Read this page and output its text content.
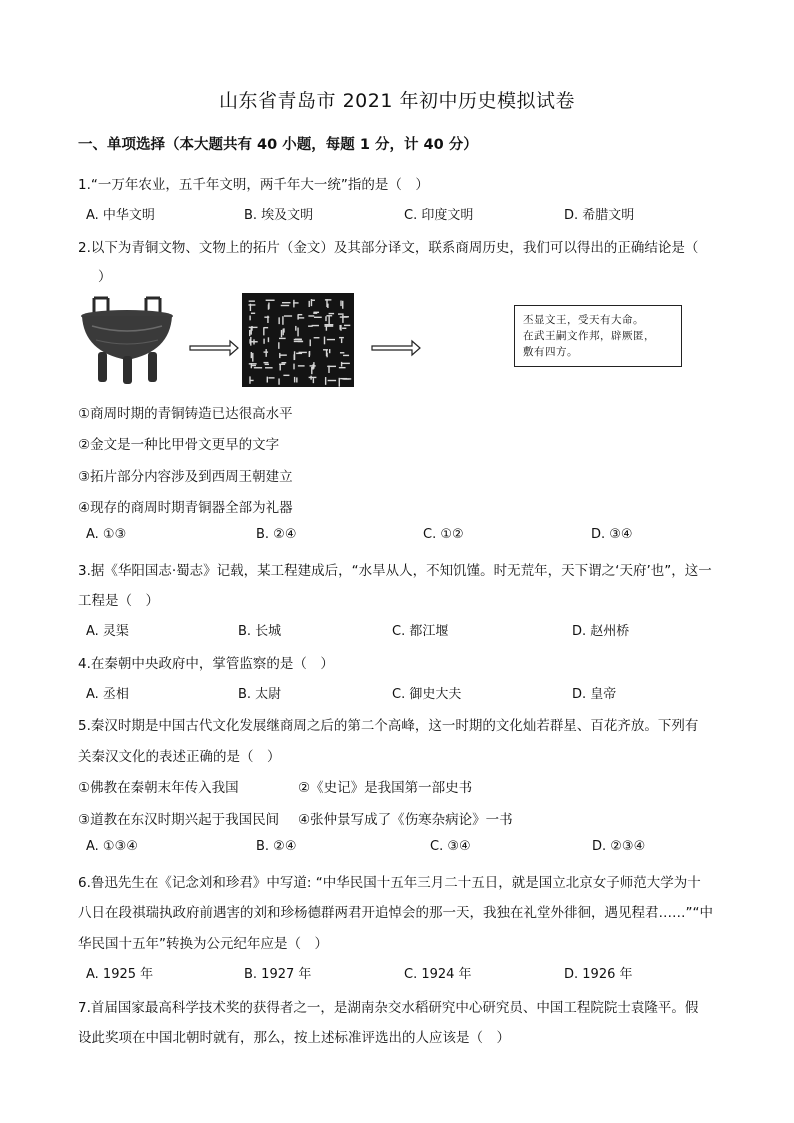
山东省青岛市 2021 年初中历史模拟试卷
一、单项选择（本大题共有 40 小题，每题 1 分，计 40 分）
1.“一万年农业，五千年文明，两千年大一统”指的是（　）
A. 中华文明	B. 埃及文明	C. 印度文明	D. 希腊文明
2.以下为青铜文物、文物上的拓片（金文）及其部分译文，联系商周历史，我们可以得出的正确结论是（
）
丕显文王，受天有大命。
在武王嗣文作邦，辟厥匿，
敷有四方。
①商周时期的青铜铸造已达很高水平
②金文是一种比甲骨文更早的文字
③拓片部分内容涉及到西周王朝建立
④现存的商周时期青铜器全部为礼器
A. ①③	B. ②④	C. ①②	D. ③④
3.据《华阳国志·蜀志》记载，某工程建成后，“水旱从人，不知饥馑。时无荒年，天下谓之‘天府’也”，这一
工程是（　）
A. 灵渠	B. 长城	C. 都江堰	D. 赵州桥
4.在秦朝中央政府中，掌管监察的是（　）
A. 丞相	B. 太尉	C. 御史大夫	D. 皇帝
5.秦汉时期是中国古代文化发展继商周之后的第二个高峰，这一时期的文化灿若群星、百花齐放。下列有
关秦汉文化的表述正确的是（　）
①佛教在秦朝末年传入我国	②《史记》是我国第一部史书
③道教在东汉时期兴起于我国民间 ④张仲景写成了《伤寒杂病论》一书
A. ①③④	B. ②④	C. ③④	D. ②③④
6.鲁迅先生在《记念刘和珍君》中写道: “中华民国十五年三月二十五日，就是国立北京女子师范大学为十
八日在段祺瑞执政府前遇害的刘和珍杨德群两君开追悼会的那一天，我独在礼堂外徘徊，遇见程君……”“中
华民国十五年”转换为公元纪年应是（　）
A. 1925 年	B. 1927 年	C. 1924 年	D. 1926 年
7.首届国家最高科学技术奖的获得者之一，是湖南杂交水稻研究中心研究员、中国工程院院士袁隆平。假
设此奖项在中国北朝时就有，那么，按上述标准评选出的人应该是（　）
